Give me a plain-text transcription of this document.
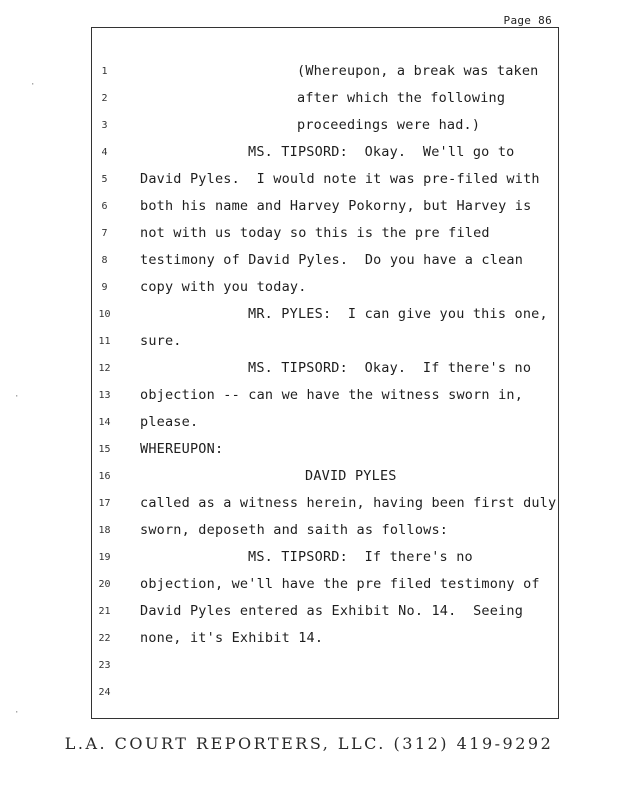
Page 86
1
2
3
4
5
6
7
8
9
10
11
12
13
14
15
16
17
18
19
20
21
22
23
24
(Whereupon, a break was taken
after which the following
proceedings were had.)
MS. TIPSORD:  Okay.  We'll go to
David Pyles.  I would note it was pre-filed with
both his name and Harvey Pokorny, but Harvey is
not with us today so this is the pre filed
testimony of David Pyles.  Do you have a clean
copy with you today.
MR. PYLES:  I can give you this one,
sure.
MS. TIPSORD:  Okay.  If there's no
objection -- can we have the witness sworn in,
please.
WHEREUPON:
DAVID PYLES
called as a witness herein, having been first duly
sworn, deposeth and saith as follows:
MS. TIPSORD:  If there's no
objection, we'll have the pre filed testimony of
David Pyles entered as Exhibit No. 14.  Seeing
none, it's Exhibit 14.
·
·
·
L.A. COURT REPORTERS, LLC. (312) 419-9292
